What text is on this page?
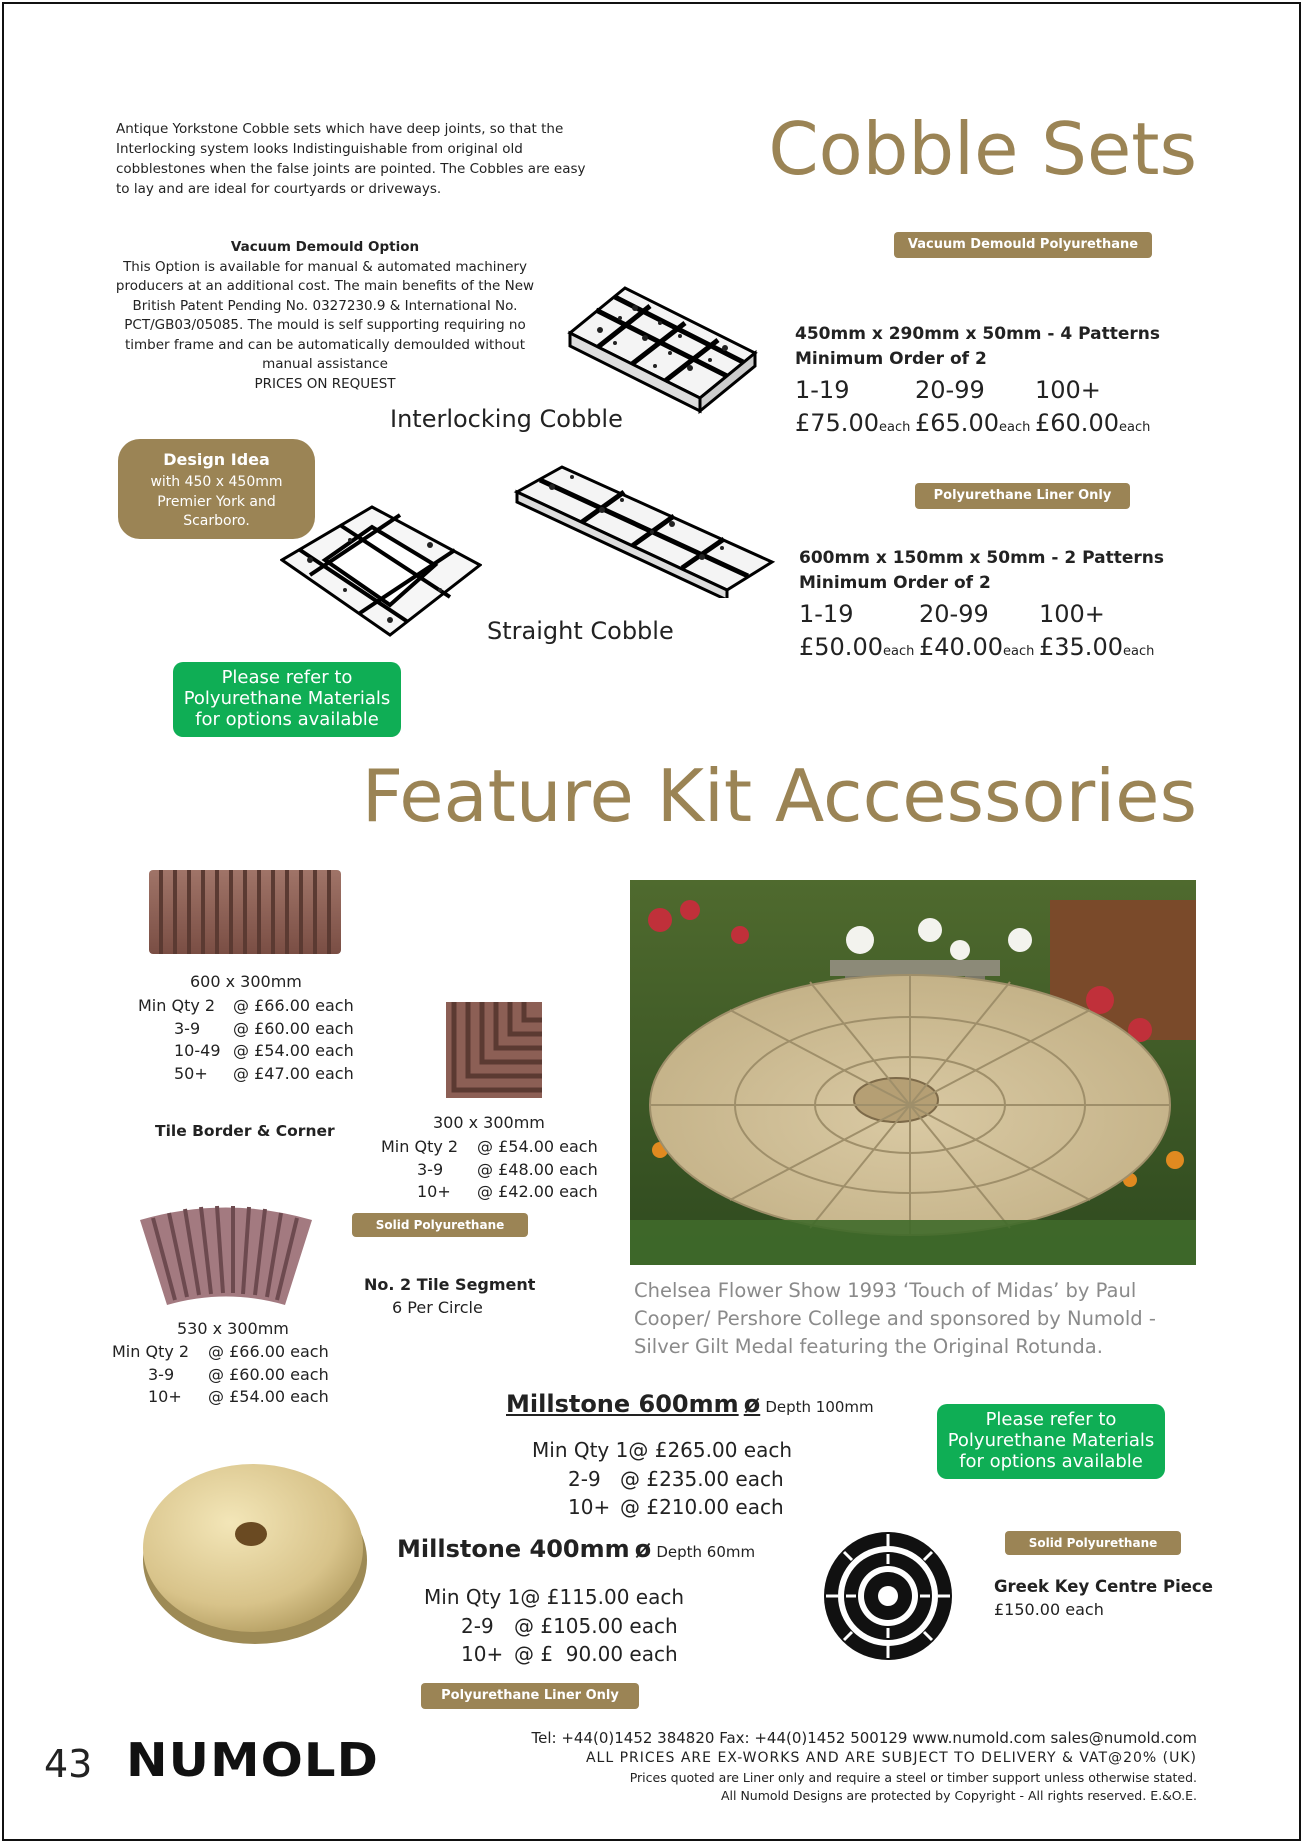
Antique Yorkstone Cobble sets which have deep joints, so that the Interlocking system looks Indistinguishable from original old cobblestones when the false joints are pointed. The Cobbles are easy to lay and are ideal for courtyards or driveways.	Cobble Sets
Vacuum Demould Option
This Option is available for manual & automated machinery producers at an additional cost. The main benefits of the New British Patent Pending No. 0327230.9 & International No. PCT/GB03/05085. The mould is self supporting requiring no timber frame and can be automatically demoulded without manual assistance
PRICES ON REQUEST
Vacuum Demould Polyurethane
Interlocking Cobble
450mm x 290mm x 50mm - 4 Patterns
Minimum Order of 2
1-19	20-99 100+
£75.00each £65.00each £60.00each
Design Idea
with 450 x 450mm Premier York and Scarboro.
Polyurethane Liner Only
Straight Cobble
600mm x 150mm x 50mm - 2 Patterns
Minimum Order of 2
1-19	20-99 100+
£50.00each £40.00each £35.00each
Please refer to Polyurethane Materials for options available
Feature Kit Accessories
600 x 300mm
Min Qty 2	@ £66.00 each
3-9	@ £60.00 each
10-49 @ £54.00 each
50+	@ £47.00 each
Tile Border & Corner	300 x 300mm
Min Qty 2	@ £54.00 each
3-9	@ £48.00 each
10+	@ £42.00 each
Solid Polyurethane
No. 2 Tile Segment
6 Per Circle
530 x 300mm
Min Qty 2	@ £66.00 each
3-9	@ £60.00 each
10+	@ £54.00 each
Chelsea Flower Show 1993 ‘Touch of Midas’ by Paul Cooper/ Pershore College and sponsored by Numold - Silver Gilt Medal featuring the Original Rotunda.
Millstone 600mm ø Depth 100mm
Min Qty 1 @ £265.00 each
2-9 @ £235.00 each
10+ @ £210.00 each
Please refer to Polyurethane Materials for options available
Millstone 400mm ø Depth 60mm
Min Qty 1 @ £115.00 each
2-9	@ £105.00 each
10+ @ £  90.00 each
Solid Polyurethane
Greek Key Centre Piece
£150.00 each
Polyurethane Liner Only
43 NUMOLD	Tel: +44(0)1452 384820 Fax: +44(0)1452 500129 www.numold.com sales@numold.com
ALL PRICES ARE EX-WORKS AND ARE SUBJECT TO DELIVERY & VAT@20% (UK)
Prices quoted are Liner only and require a steel or timber support unless otherwise stated.
All Numold Designs are protected by Copyright - All rights reserved. E.&O.E.
